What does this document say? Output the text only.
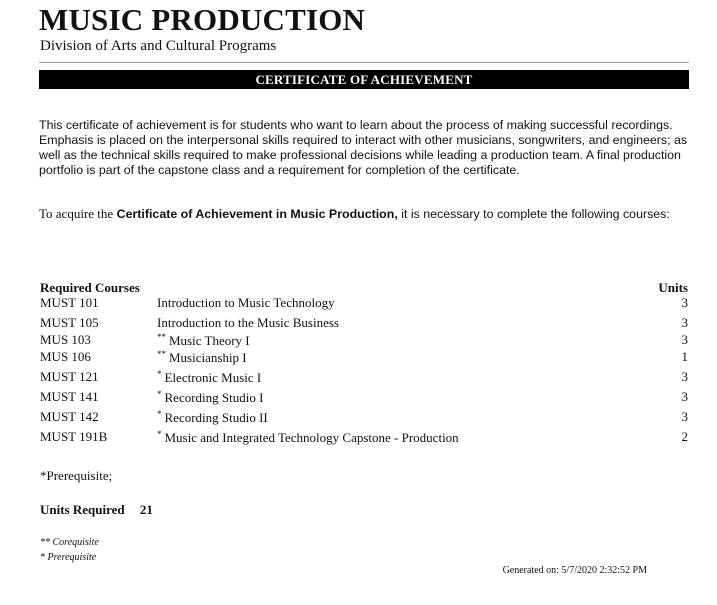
MUSIC PRODUCTION
Division of Arts and Cultural Programs
CERTIFICATE OF ACHIEVEMENT

This certificate of achievement is for students who want to learn about the process of making successful recordings. Emphasis is placed on the interpersonal skills required to interact with other musicians, songwriters, and engineers; as well as the technical skills required to make professional decisions while leading a production team. A final production portfolio is part of the capstone class and a requirement for completion of the certificate.

To acquire the Certificate of Achievement in Music Production, it is necessary to complete the following courses:

Required Courses	Units
MUST 101	Introduction to Music Technology	3
MUST 105	Introduction to the Music Business	3
MUS 103	** Music Theory I	3
MUS 106	** Musicianship I	1
MUST 121	* Electronic Music I	3
MUST 141	* Recording Studio I	3
MUST 142	* Recording Studio II	3
MUST 191B	* Music and Integrated Technology Capstone - Production	2
*Prerequisite;
Units Required 21
** Corequisite
* Prerequisite
Generated on: 5/7/2020 2:32:52 PM
